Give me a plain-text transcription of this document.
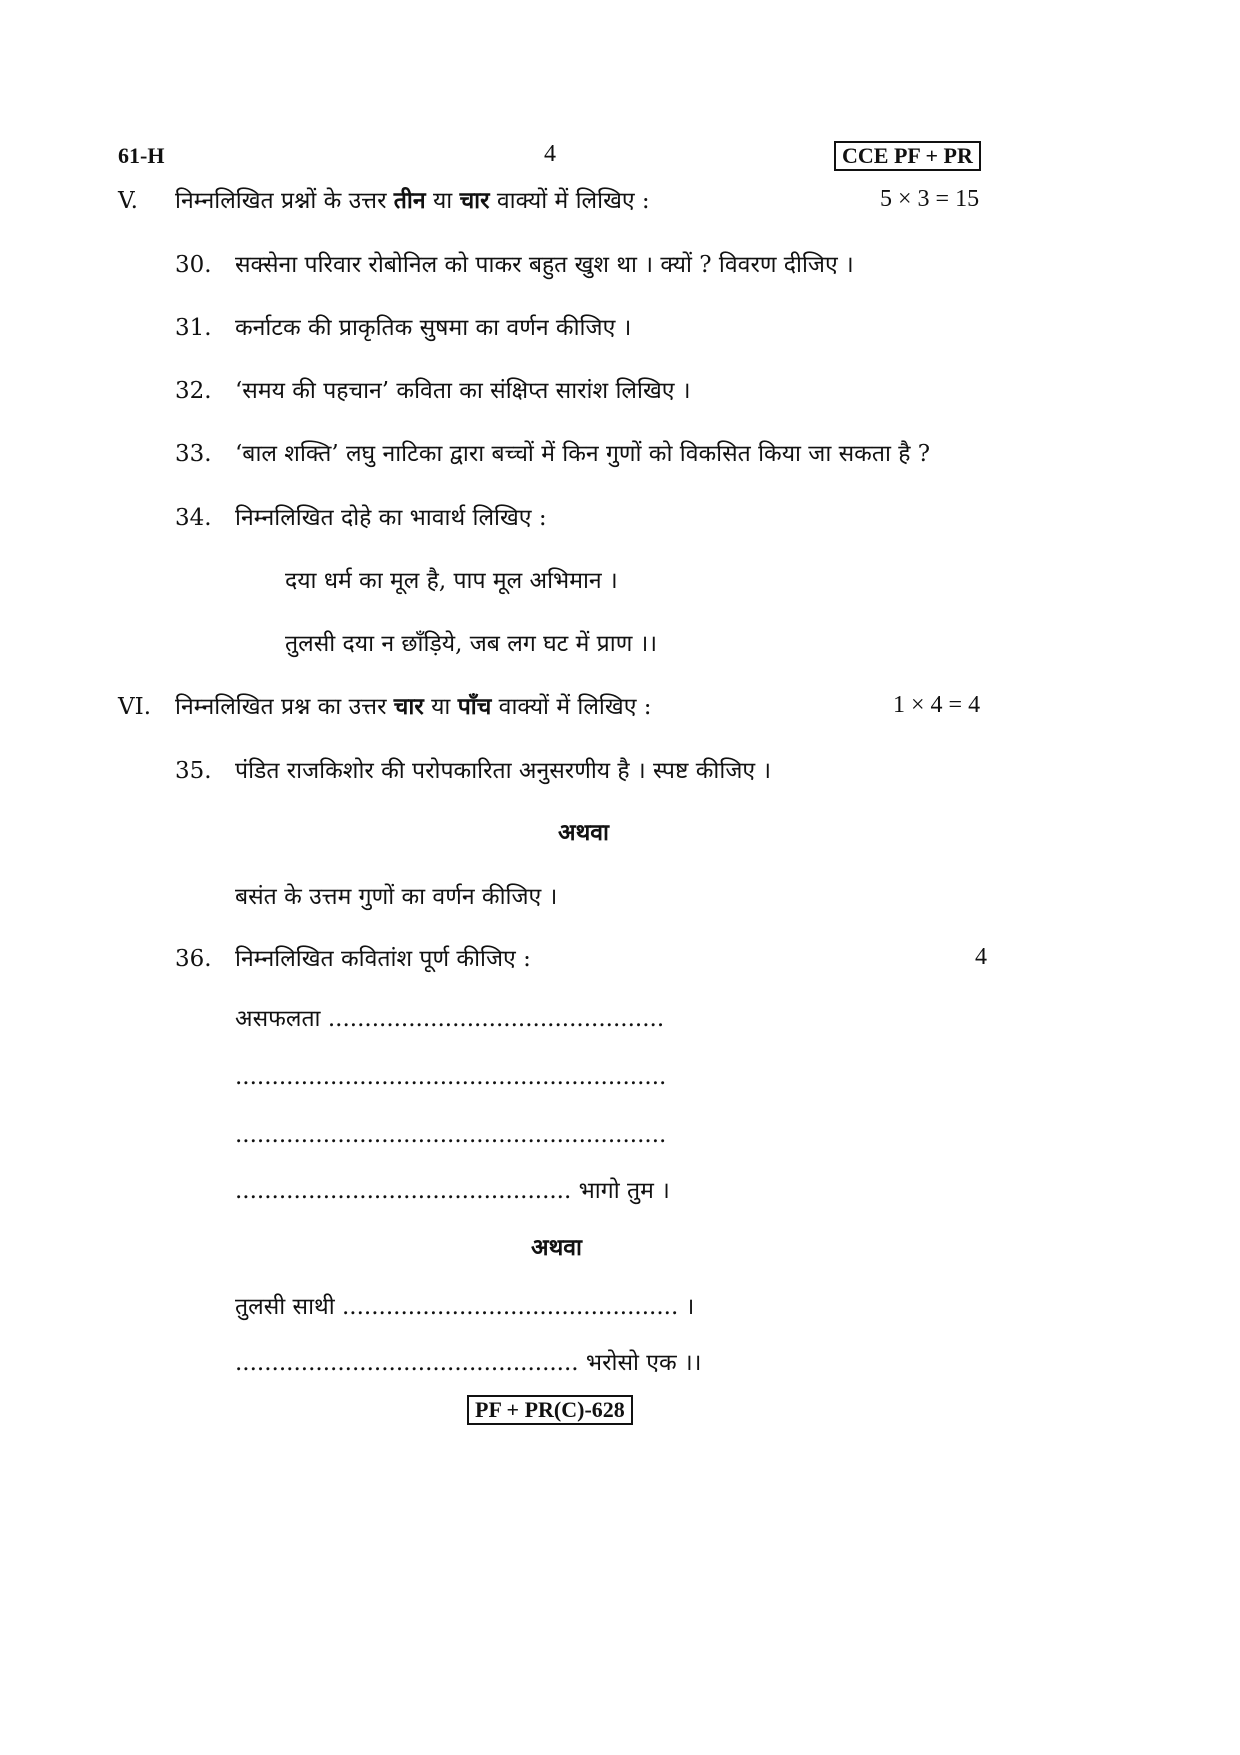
61-H	4	CCE PF + PR
V. निम्नलिखित प्रश्नों के उत्तर तीन या चार वाक्यों में लिखिए :	5 × 3 = 15
30. सक्सेना परिवार रोबोनिल को पाकर बहुत खुश था । क्यों ? विवरण दीजिए ।
31. कर्नाटक की प्राकृतिक सुषमा का वर्णन कीजिए ।
32. ‘समय की पहचान’ कविता का संक्षिप्त सारांश लिखिए ।
33. ‘बाल शक्ति’ लघु नाटिका द्वारा बच्चों में किन गुणों को विकसित किया जा सकता है ?
34. निम्नलिखित दोहे का भावार्थ लिखिए :
दया धर्म का मूल है, पाप मूल अभिमान ।
तुलसी दया न छाँड़िये, जब लग घट में प्राण ।।
VI. निम्नलिखित प्रश्न का उत्तर चार या पाँच वाक्यों में लिखिए :	1 × 4 = 4
35. पंडित राजकिशोर की परोपकारिता अनुसरणीय है । स्पष्ट कीजिए ।
अथवा
बसंत के उत्तम गुणों का वर्णन कीजिए ।
36. निम्नलिखित कवितांश पूर्ण कीजिए :	4
असफलता ..............................................
...........................................................
...........................................................
.............................................. भागो तुम ।
अथवा
तुलसी साथी .............................................. ।
............................................... भरोसो एक ।।
PF + PR(C)-628
